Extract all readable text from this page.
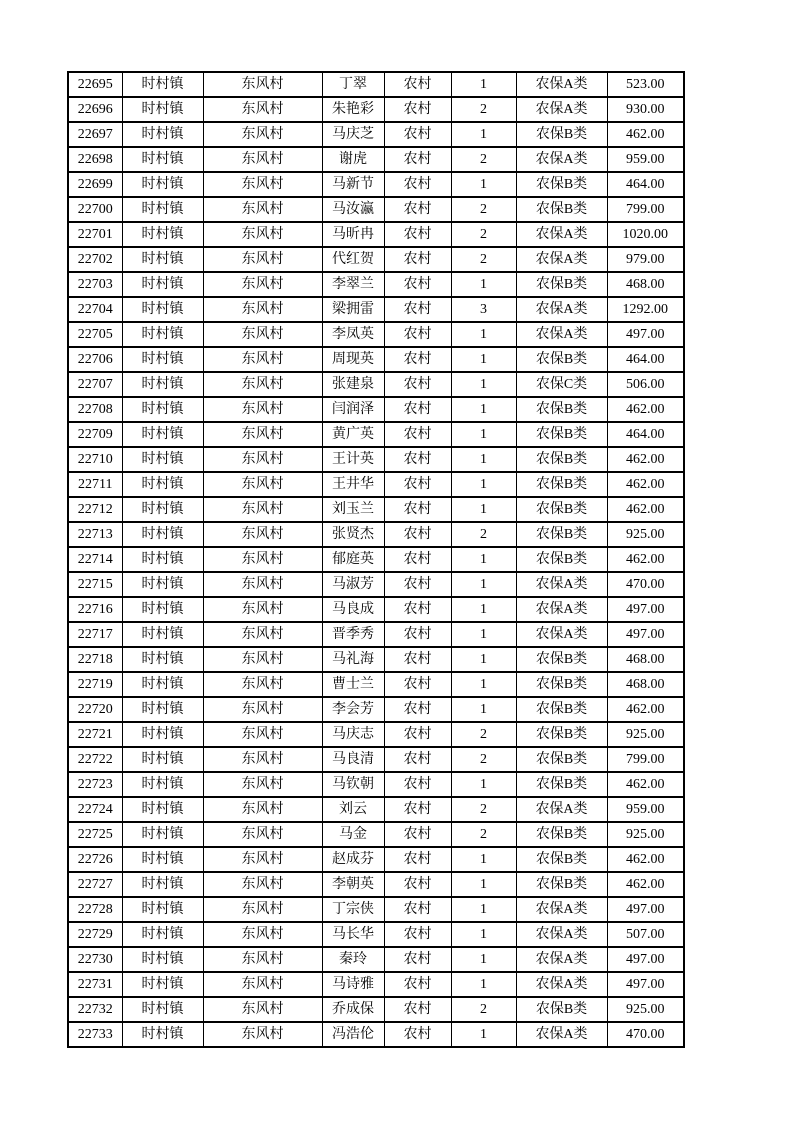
22695	时村镇	东风村	丁翠	农村	1	农保A类	523.00
22696	时村镇	东风村	朱艳彩	农村	2	农保A类	930.00
22697	时村镇	东风村	马庆芝	农村	1	农保B类	462.00
22698	时村镇	东风村	谢虎	农村	2	农保A类	959.00
22699	时村镇	东风村	马新节	农村	1	农保B类	464.00
22700	时村镇	东风村	马汝瀛	农村	2	农保B类	799.00
22701	时村镇	东风村	马昕冉	农村	2	农保A类	1020.00
22702	时村镇	东风村	代红贺	农村	2	农保A类	979.00
22703	时村镇	东风村	李翠兰	农村	1	农保B类	468.00
22704	时村镇	东风村	梁拥雷	农村	3	农保A类	1292.00
22705	时村镇	东风村	李凤英	农村	1	农保A类	497.00
22706	时村镇	东风村	周现英	农村	1	农保B类	464.00
22707	时村镇	东风村	张建泉	农村	1	农保C类	506.00
22708	时村镇	东风村	闫润泽	农村	1	农保B类	462.00
22709	时村镇	东风村	黄广英	农村	1	农保B类	464.00
22710	时村镇	东风村	王计英	农村	1	农保B类	462.00
22711	时村镇	东风村	王井华	农村	1	农保B类	462.00
22712	时村镇	东风村	刘玉兰	农村	1	农保B类	462.00
22713	时村镇	东风村	张贤杰	农村	2	农保B类	925.00
22714	时村镇	东风村	郁庭英	农村	1	农保B类	462.00
22715	时村镇	东风村	马淑芳	农村	1	农保A类	470.00
22716	时村镇	东风村	马良成	农村	1	农保A类	497.00
22717	时村镇	东风村	晋季秀	农村	1	农保A类	497.00
22718	时村镇	东风村	马礼海	农村	1	农保B类	468.00
22719	时村镇	东风村	曹士兰	农村	1	农保B类	468.00
22720	时村镇	东风村	李会芳	农村	1	农保B类	462.00
22721	时村镇	东风村	马庆志	农村	2	农保B类	925.00
22722	时村镇	东风村	马良清	农村	2	农保B类	799.00
22723	时村镇	东风村	马钦朝	农村	1	农保B类	462.00
22724	时村镇	东风村	刘云	农村	2	农保A类	959.00
22725	时村镇	东风村	马金	农村	2	农保B类	925.00
22726	时村镇	东风村	赵成芬	农村	1	农保B类	462.00
22727	时村镇	东风村	李朝英	农村	1	农保B类	462.00
22728	时村镇	东风村	丁宗侠	农村	1	农保A类	497.00
22729	时村镇	东风村	马长华	农村	1	农保A类	507.00
22730	时村镇	东风村	秦玲	农村	1	农保A类	497.00
22731	时村镇	东风村	马诗雅	农村	1	农保A类	497.00
22732	时村镇	东风村	乔成保	农村	2	农保B类	925.00
22733	时村镇	东风村	冯浩伦	农村	1	农保A类	470.00
